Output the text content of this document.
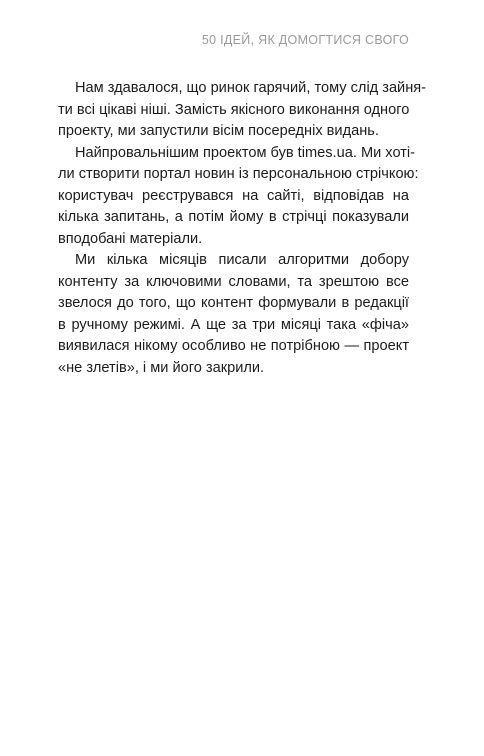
50 ІДЕЙ, ЯК ДОМОГТИСЯ СВОГО

Нам здавалося, що ринок гарячий, тому слід зайня-
ти всі цікаві ніші. Замість якісного виконання одного
проекту, ми запустили вісім посередніх видань.

Найпровальнішим проектом був times.ua. Ми хоті-
ли створити портал новин із персональною стрічкою:
користувач реєструвався на сайті, відповідав на
кілька запитань, а потім йому в стрічці показували
вподобані матеріали.

Ми кілька місяців писали алгоритми добору
контенту за ключовими словами, та зрештою все
звелося до того, що контент формували в редакції
в ручному режимі. А ще за три місяці така «фіча»
виявилася нікому особливо не потрібною — проект
«не злетів», і ми його закрили.
